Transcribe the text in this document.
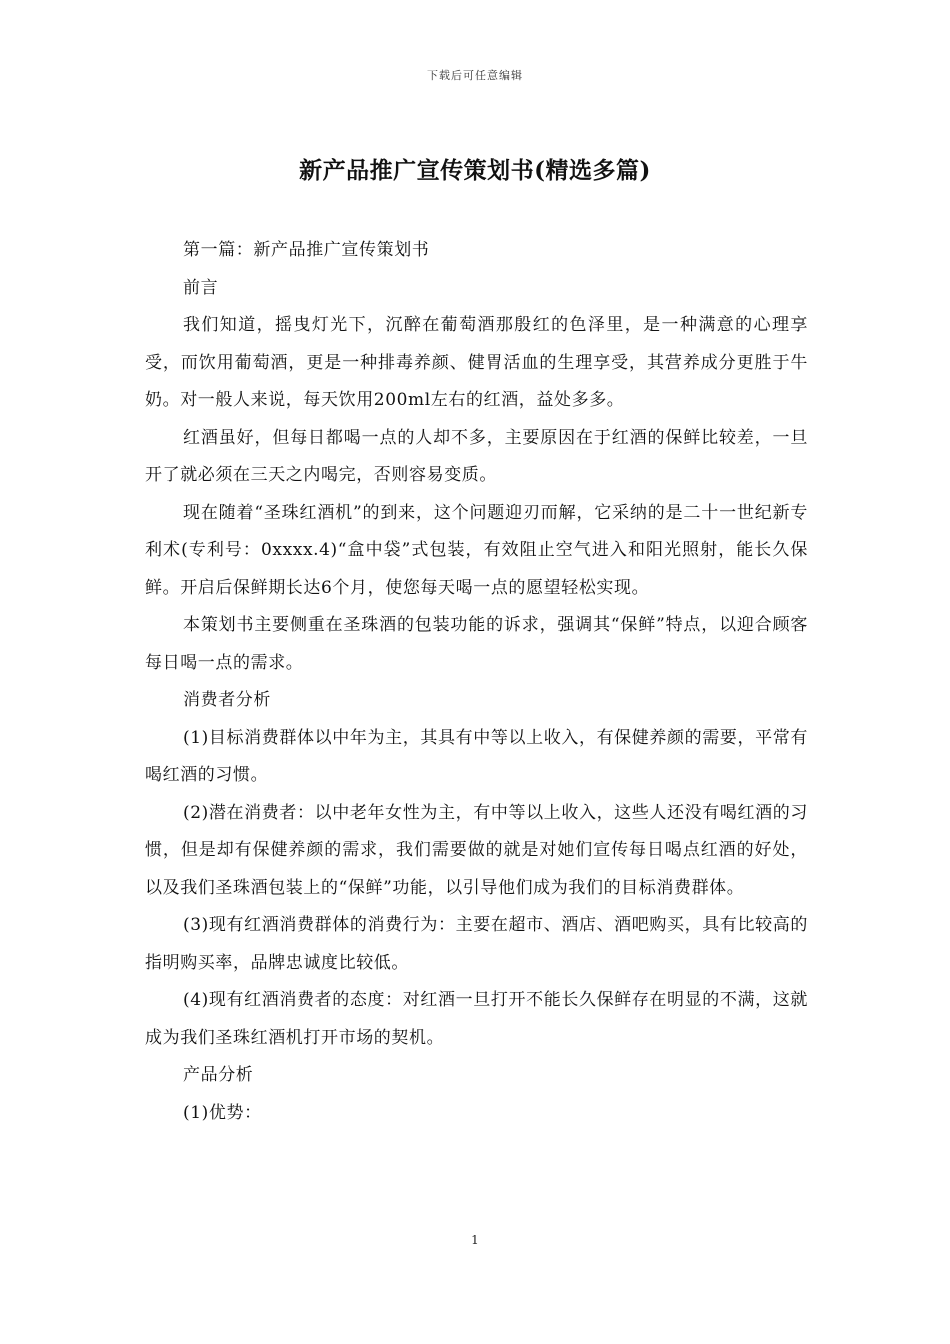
下载后可任意编辑
新产品推广宣传策划书(精选多篇)

第一篇：新产品推广宣传策划书

前言

我们知道，摇曳灯光下，沉醉在葡萄酒那殷红的色泽里，是一种满意的心理享受，而饮用葡萄酒，更是一种排毒养颜、健胃活血的生理享受，其营养成分更胜于牛奶。对一般人来说，每天饮用200ml左右的红酒，益处多多。

红酒虽好，但每日都喝一点的人却不多，主要原因在于红酒的保鲜比较差，一旦开了就必须在三天之内喝完，否则容易变质。

现在随着“圣珠红酒机”的到来，这个问题迎刃而解，它采纳的是二十一世纪新专利术(专利号：0xxxx.4)“盒中袋”式包装，有效阻止空气进入和阳光照射，能长久保鲜。开启后保鲜期长达6个月，使您每天喝一点的愿望轻松实现。

本策划书主要侧重在圣珠酒的包装功能的诉求，强调其“保鲜”特点，以迎合顾客每日喝一点的需求。

消费者分析

(1)目标消费群体以中年为主，其具有中等以上收入，有保健养颜的需要，平常有喝红酒的习惯。

(2)潜在消费者：以中老年女性为主，有中等以上收入，这些人还没有喝红酒的习惯，但是却有保健养颜的需求，我们需要做的就是对她们宣传每日喝点红酒的好处，以及我们圣珠酒包装上的“保鲜”功能，以引导他们成为我们的目标消费群体。

(3)现有红酒消费群体的消费行为：主要在超市、酒店、酒吧购买，具有比较高的指明购买率，品牌忠诚度比较低。

(4)现有红酒消费者的态度：对红酒一旦打开不能长久保鲜存在明显的不满，这就成为我们圣珠红酒机打开市场的契机。

产品分析

(1)优势：

1
